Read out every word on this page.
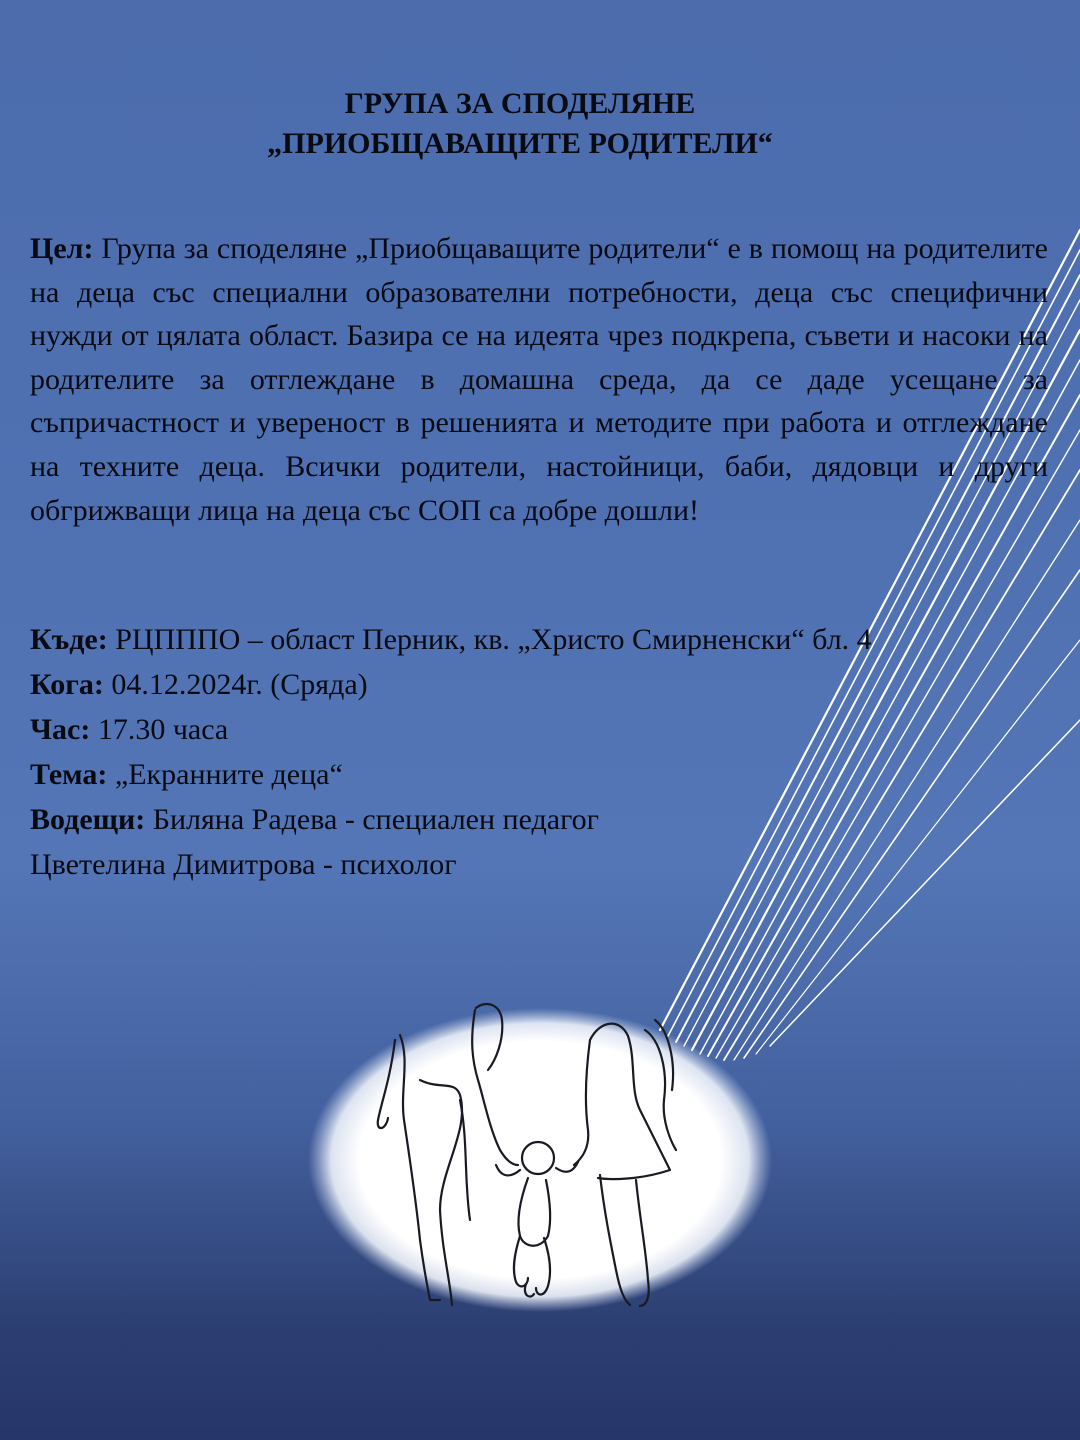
ГРУПА ЗА СПОДЕЛЯНЕ
„ПРИОБЩАВАЩИТЕ РОДИТЕЛИ“
Цел: Група за споделяне „Приобщаващите родители“ е в помощ на родителите на деца със специални образователни потребности, деца със специфични нужди от цялата област. Базира се на идеята чрез подкрепа, съвети и насоки на родителите за отглеждане в домашна среда, да се даде усещане за съпричастност и увереност в решенията и методите при работа и отглеждане на техните деца. Всички родители, настойници, баби, дядовци и други обгрижващи лица на деца със СОП са добре дошли!
Къде: РЦПППО – област Перник, кв. „Христо Смирненски“ бл. 4
Кога: 04.12.2024г. (Сряда)
Час: 17.30 часа
Тема: „Екранните деца“
Водещи: Биляна Радева - специален педагог
Цветелина Димитрова - психолог
